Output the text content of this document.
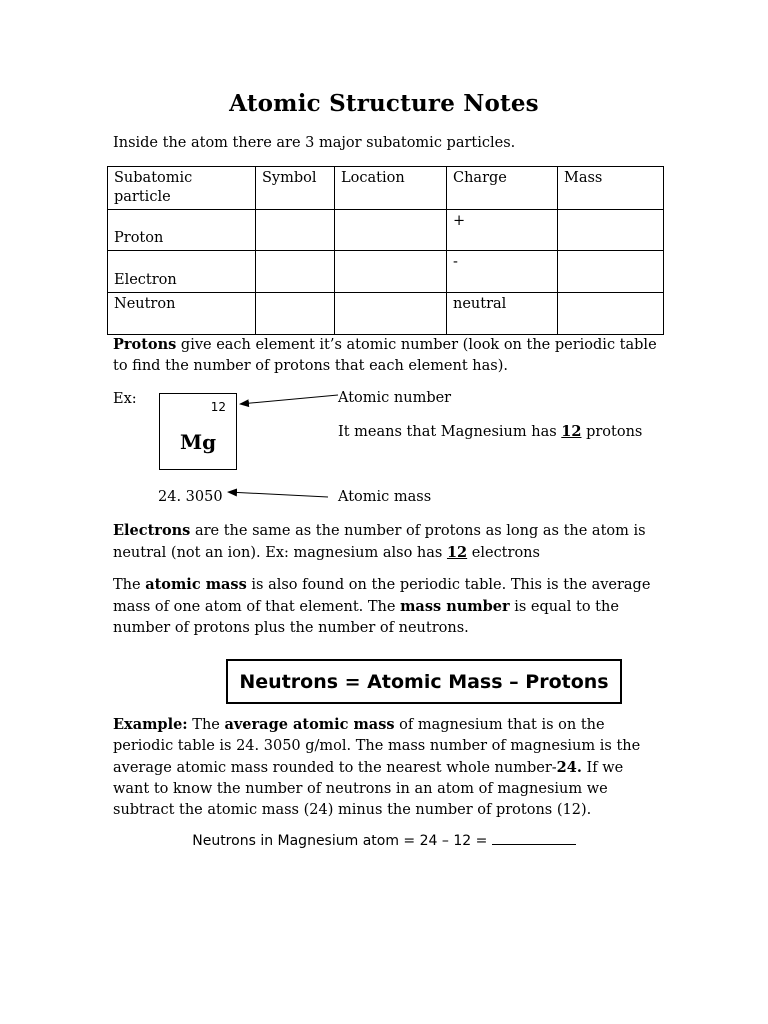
Atomic Structure Notes
Inside the atom there are 3 major subatomic particles.
Subatomic particle	Symbol	Location	Charge	Mass
Proton			+	
Electron			-	
Neutron			neutral	
Protons give each element it’s atomic number (look on the periodic table to find the number of protons that each element has).
Ex:	12
Mg
Atomic number
It means that Magnesium has 12 protons
24. 3050	Atomic mass
Electrons are the same as the number of protons as long as the atom is neutral (not an ion). Ex: magnesium also has 12 electrons
The atomic mass is also found on the periodic table. This is the average mass of one atom of that element. The mass number is equal to the number of protons plus the number of neutrons.
Neutrons = Atomic Mass – Protons
Example: The average atomic mass of magnesium that is on the periodic table is 24. 3050 g/mol. The mass number of magnesium is the average atomic mass rounded to the nearest whole number-24. If we want to know the number of neutrons in an atom of magnesium we subtract the atomic mass (24) minus the number of protons (12).
Neutrons in Magnesium atom = 24 – 12 =
